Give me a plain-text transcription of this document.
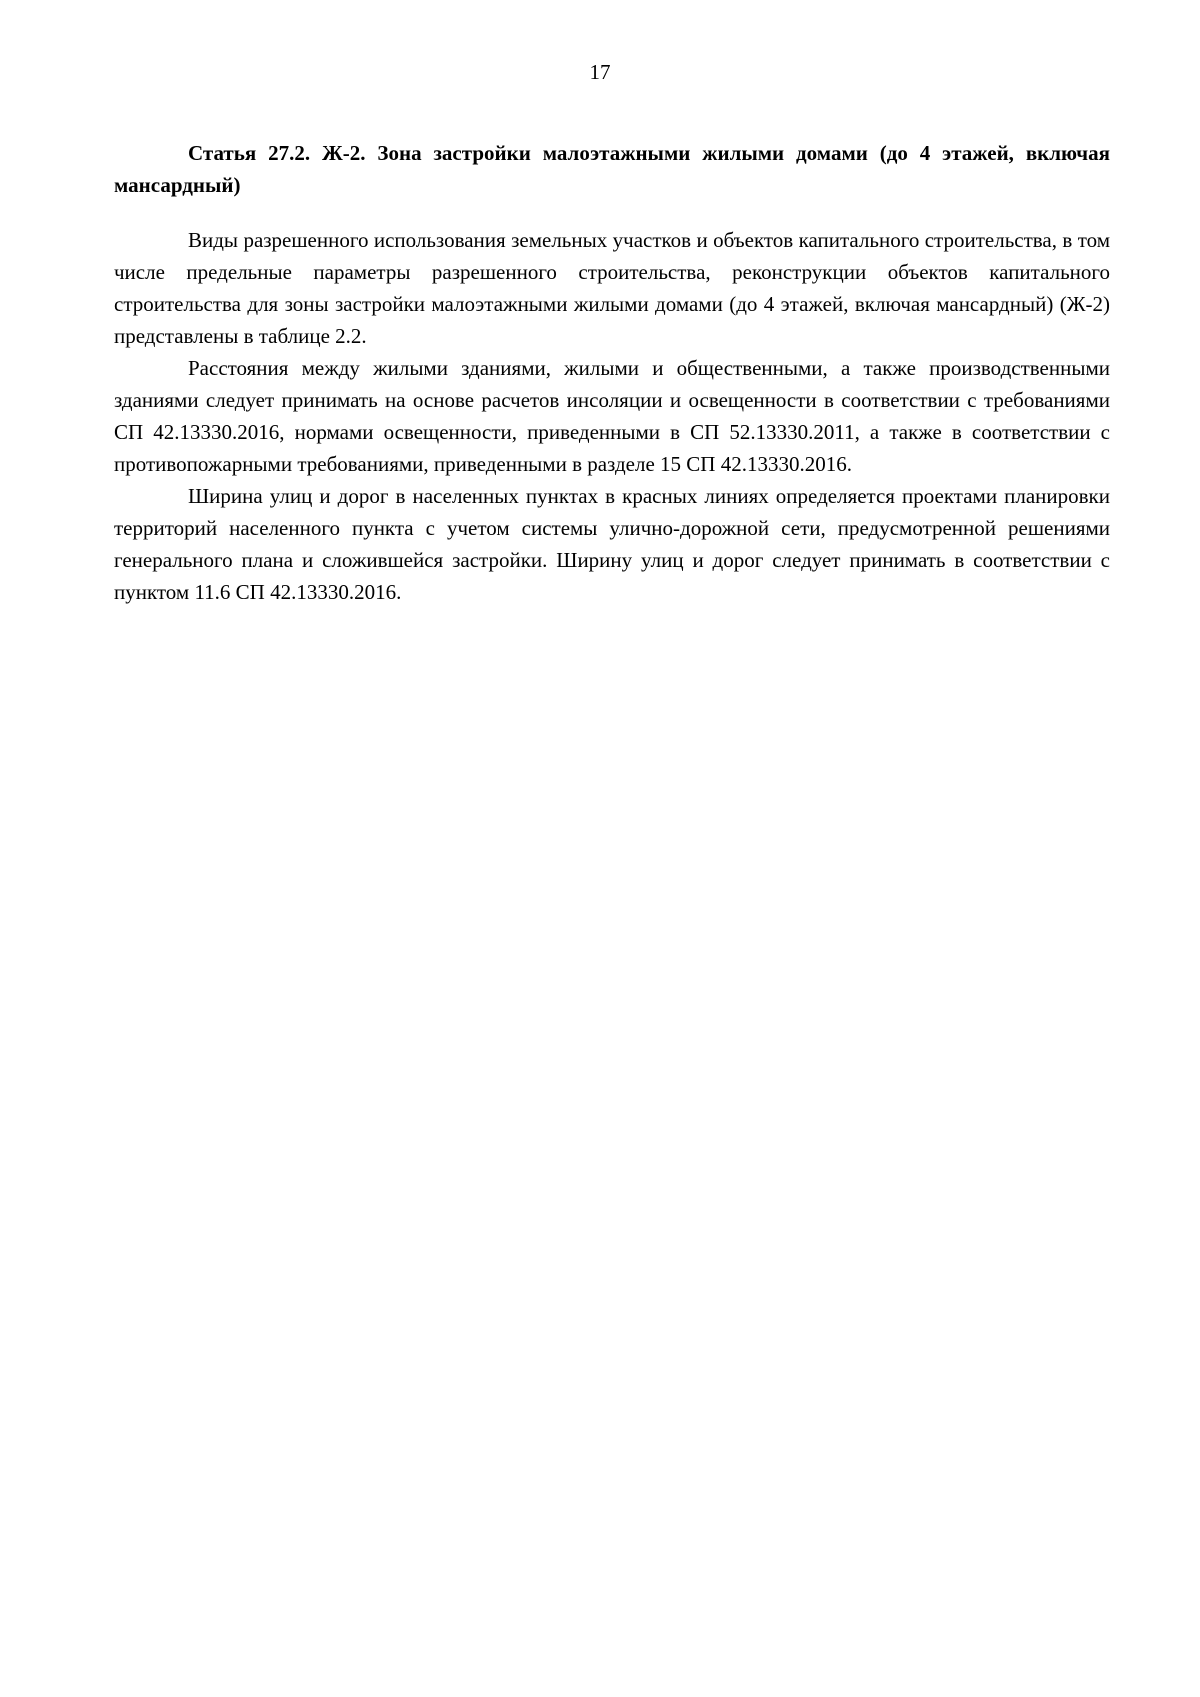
17
Статья 27.2. Ж-2. Зона застройки малоэтажными жилыми домами (до 4 этажей, включая мансардный)

Виды разрешенного использования земельных участков и объектов капитального строительства, в том числе предельные параметры разрешенного строительства, реконструкции объектов капитального строительства для зоны застройки малоэтажными жилыми домами (до 4 этажей, включая мансардный) (Ж-2) представлены в таблице 2.2.

Расстояния между жилыми зданиями, жилыми и общественными, а также производственными зданиями следует принимать на основе расчетов инсоляции и освещенности в соответствии с требованиями СП 42.13330.2016, нормами освещенности, приведенными в СП 52.13330.2011, а также в соответствии с противопожарными требованиями, приведенными в разделе 15 СП 42.13330.2016.

Ширина улиц и дорог в населенных пунктах в красных линиях определяется проектами планировки территорий населенного пункта с учетом системы улично-дорожной сети, предусмотренной решениями генерального плана и сложившейся застройки. Ширину улиц и дорог следует принимать в соответствии с пунктом 11.6 СП 42.13330.2016.
